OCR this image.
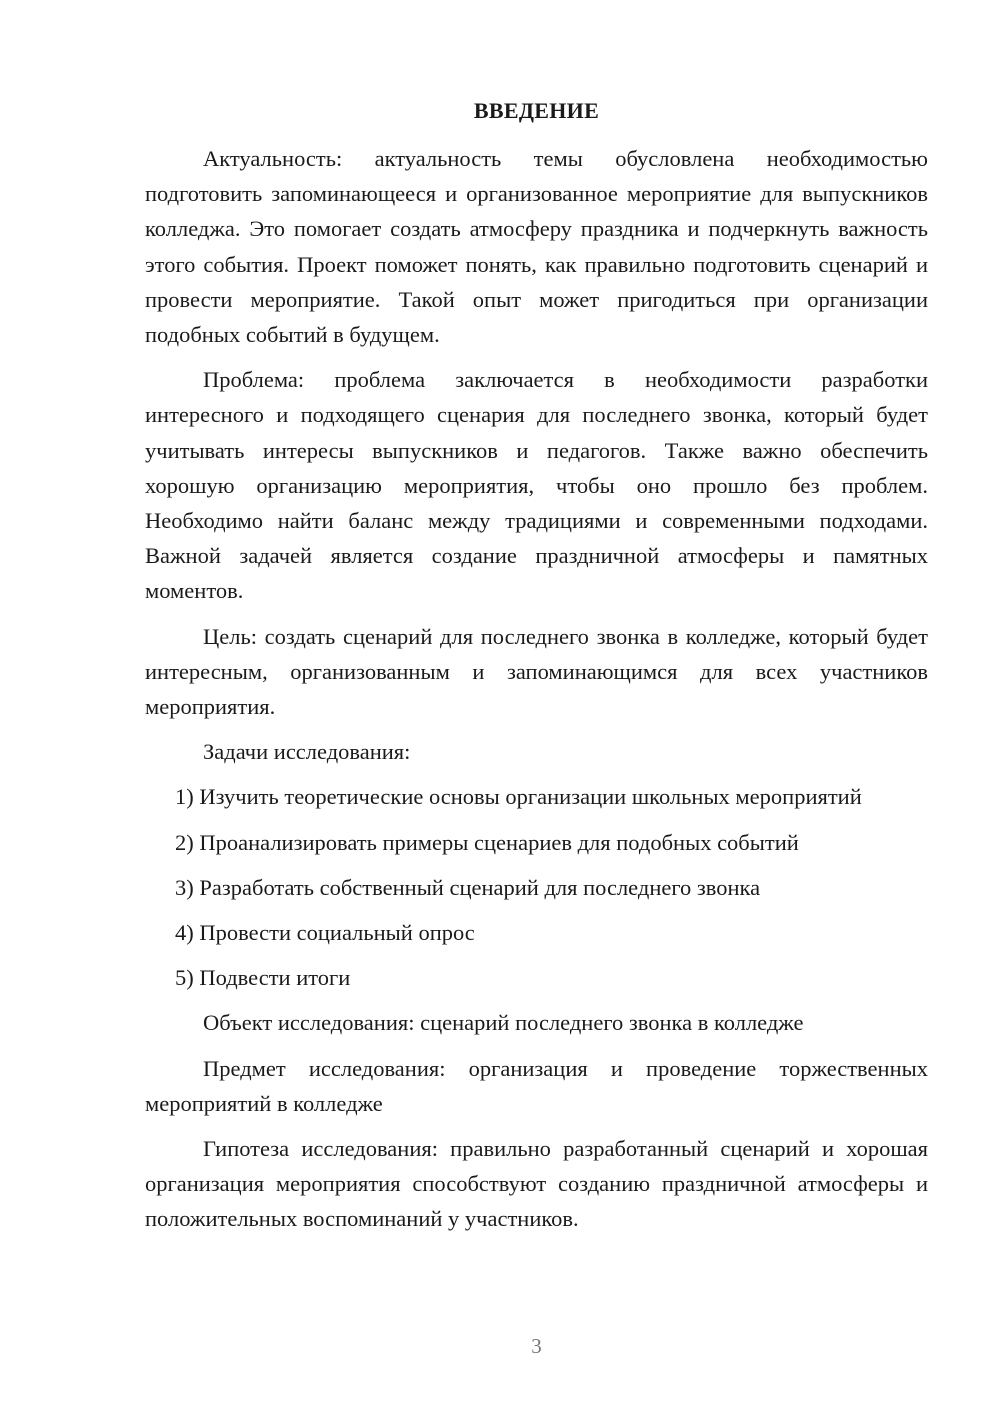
ВВЕДЕНИЕ

Актуальность: актуальность темы обусловлена необходимостью подготовить запоминающееся и организованное мероприятие для выпускников колледжа. Это помогает создать атмосферу праздника и подчеркнуть важность этого события. Проект поможет понять, как правильно подготовить сценарий и провести мероприятие. Такой опыт может пригодиться при организации подобных событий в будущем.

Проблема: проблема заключается в необходимости разработки интересного и подходящего сценария для последнего звонка, который будет учитывать интересы выпускников и педагогов. Также важно обеспечить хорошую организацию мероприятия, чтобы оно прошло без проблем. Необходимо найти баланс между традициями и современными подходами. Важной задачей является создание праздничной атмосферы и памятных моментов.

Цель: создать сценарий для последнего звонка в колледже, который будет интересным, организованным и запоминающимся для всех участников мероприятия.

Задачи исследования:

1) Изучить теоретические основы организации школьных мероприятий

2) Проанализировать примеры сценариев для подобных событий

3) Разработать собственный сценарий для последнего звонка

4) Провести социальный опрос

5) Подвести итоги

Объект исследования: сценарий последнего звонка в колледже

Предмет исследования: организация и проведение торжественных мероприятий в колледже

Гипотеза исследования: правильно разработанный сценарий и хорошая организация мероприятия способствуют созданию праздничной атмосферы и положительных воспоминаний у участников.

3
